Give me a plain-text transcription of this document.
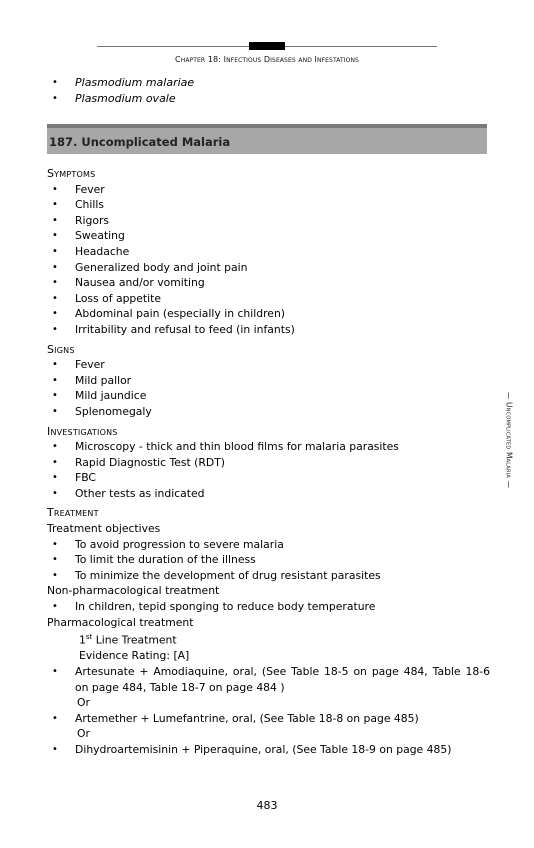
Chapter 18: Infectious Diseases and Infestations
• Plasmodium malariae
• Plasmodium ovale
187. Uncomplicated Malaria
Symptoms
• Fever
• Chills
• Rigors
• Sweating
• Headache
• Generalized body and joint pain
• Nausea and/or vomiting
• Loss of appetite
• Abdominal pain (especially in children)
• Irritability and refusal to feed (in infants)
Signs
• Fever
• Mild pallor
• Mild jaundice
• Splenomegaly
Investigations
• Microscopy - thick and thin blood films for malaria parasites
• Rapid Diagnostic Test (RDT)
• FBC
• Other tests as indicated
Treatment
Treatment objectives
• To avoid progression to severe malaria
• To limit the duration of the illness
• To minimize the development of drug resistant parasites
Non-pharmacological treatment
• In children, tepid sponging to reduce body temperature
Pharmacological treatment
1st Line Treatment
Evidence Rating: [A]
• Artesunate + Amodiaquine, oral, (See Table 18-5 on page 484, Table 18-6 on page 484, Table 18-7 on page 484 )
Or
• Artemether + Lumefantrine, oral, (See Table 18-8 on page 485)
Or
• Dihydroartemisinin + Piperaquine, oral, (See Table 18-9 on page 485)
— Uncomplicated Malaria —
483
